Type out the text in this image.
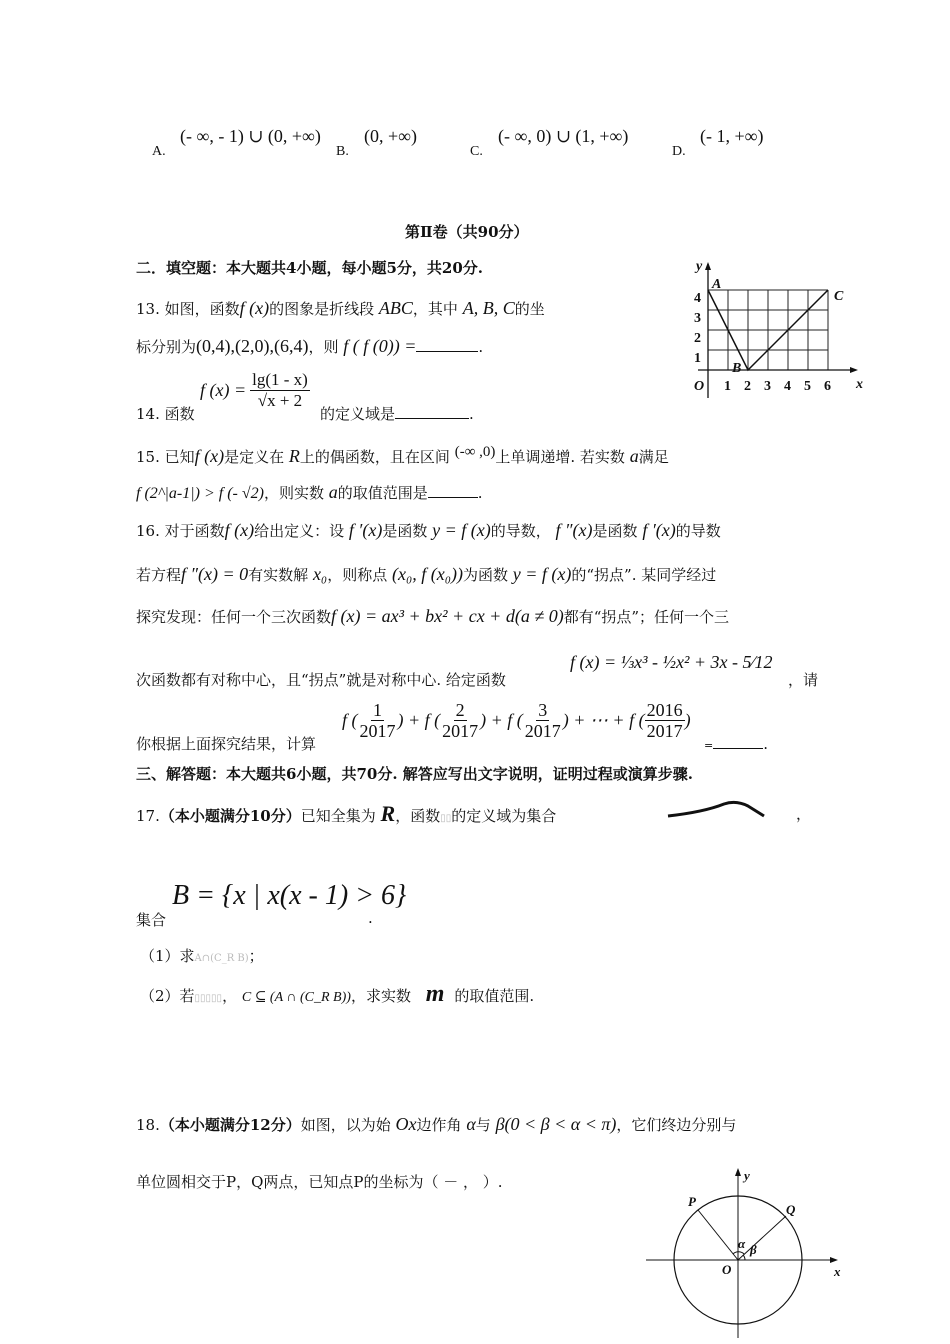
A.
(- ∞, - 1) ∪ (0, +∞)
B.
(0, +∞)
C.
(- ∞, 0) ∪ (1, +∞)
D.
(- 1, +∞)
第Ⅱ卷（共90分）
二．填空题：本大题共4小题，每小题5分，共20分.
13. 如图，函数f (x)的图象是折线段 ABC，其中 A, B, C的坐
标分别为(0,4),(2,0),(6,4)，则 f ( f (0)) =	.
y
x
O
A
B
C
1 2 3 4 5 6
1
2
3
4
f $(x) = \frac{\lg(1 - x)}{√x + 2}$
14. 函数	的定义域是	.
15. 已知f (x)是定义在 R上的偶函数，且在区间 (-∞ ,0)上单调递增. 若实数 a满足
f (2^|a-1|) > f (- √2)，则实数 a的取值范围是	.
16. 对于函数f (x)给出定义：设 f ′(x)是函数 y = f (x)的导数， f ″(x)是函数 f ′(x)的导数
若方程f ″(x) = 0有实数解 x₀，则称点 (x₀, f (x₀))为函数 y = f (x)的“拐点”. 某同学经过
探究发现：任何一个三次函数f (x) = ax³ + bx² + cx + d(a ≠ 0)都有“拐点”；任何一个三
次函数都有对称中心，且“拐点”就是对称中心. 给定函数
f (x) = ⅓x³ - ½x² + 3x - 5⁄12
，请
f ( $\frac{1}{2017}$ ) + f ( $\frac{2}{2017}$ ) + f ( $\frac{3}{2017}$ ) + ⋯ + f ( $\frac{2016}{2017}$ )
你根据上面探究结果，计算	=	.
三、解答题：本大题共6小题，共70分. 解答应写出文字说明，证明过程或演算步骤.
17.（本小题满分10分）已知全集为 R，函数▯▯的定义域为集合	，
集合
B = {x | x(x - 1) > 6}
.
（1）求A∩(C_R B)；
（2）若▯▯▯▯▯， C ⊆ (A ∩ (C_R B))，求实数 m 的取值范围.
18.（本小题满分12分）如图，以为始 Ox边作角 α与 β(0 < β < α < π)，它们终边分别与
单位圆相交于P，Q两点，已知点P的坐标为（ － ， ）.	y
x
O
P
Q
α β
